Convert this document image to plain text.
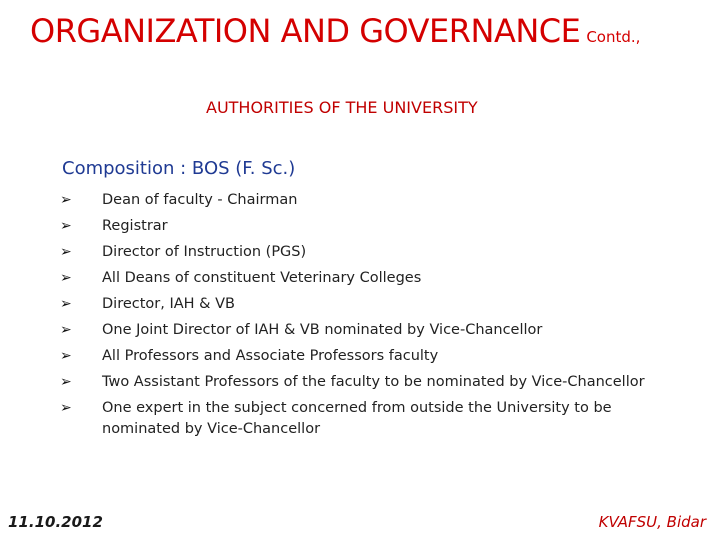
ORGANIZATION AND GOVERNANCE Contd.,
AUTHORITIES OF THE UNIVERSITY
Composition : BOS (F. Sc.)
➢	Dean of faculty - Chairman
➢	Registrar
➢	Director of Instruction (PGS)
➢	All Deans of constituent Veterinary Colleges
➢	Director, IAH & VB
➢	One Joint Director of IAH & VB nominated by Vice-Chancellor
➢	All Professors and Associate Professors faculty
➢	Two Assistant Professors of the faculty to be nominated by Vice-Chancellor
➢	One expert in the subject concerned from outside the University to be nominated by Vice-Chancellor
11.10.2012	KVAFSU, Bidar
